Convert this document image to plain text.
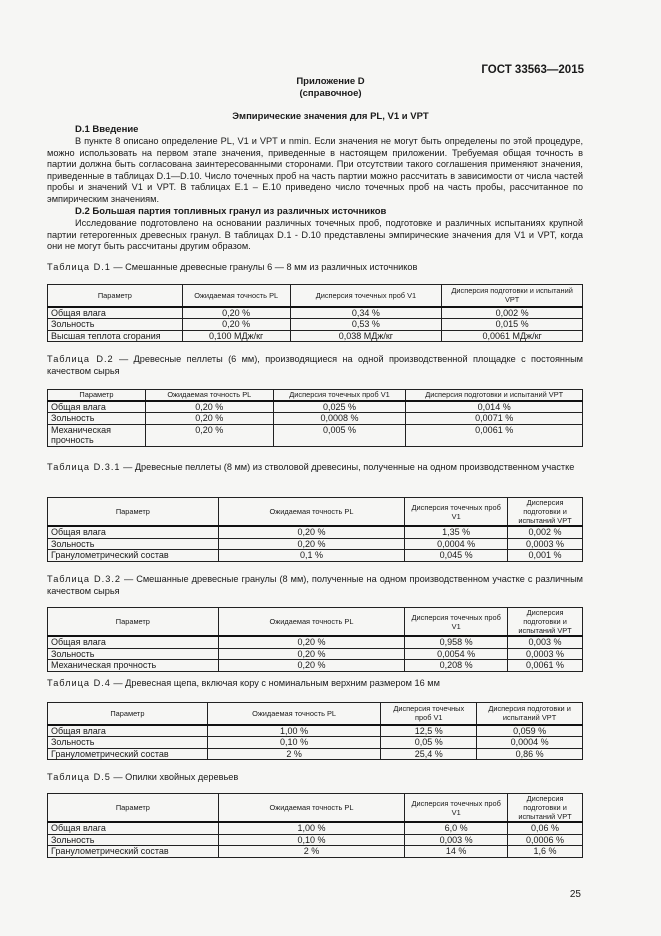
ГОСТ 33563—2015
Приложение D
(справочное)
Эмпирические значения для PL, V1 и VPT
D.1 Введение

В пункте 8 описано определение PL, V1 и VPT и nmin. Если значения не могут быть определены по этой процедуре, можно использовать на первом этапе значения, приведенные в настоящем приложении. Требуемая общая точность в партии должна быть согласована заинтересованными сторонами. При отсутствии такого соглашения применяют значения, приведенные в таблицах D.1—D.10. Число точечных проб на часть партии можно рассчитать в зависимости от числа частей пробы и значений V1 и VPT. В таблицах Е.1 – Е.10 приведено число точечных проб на часть пробы, рассчитанное по эмпирическим значениям.

D.2 Большая партия топливных гранул из различных источников

Исследование подготовлено на основании различных точечных проб, подготовке и различных испытаниях крупной партии гетерогенных древесных гранул. В таблицах D.1 - D.10 представлены эмпирические значения для V1 и VPT, когда они не могут быть рассчитаны другим образом.

Таблица D.1 — Смешанные древесные гранулы 6 — 8 мм из различных источников
Параметр	Ожидаемая точность PL	Дисперсия точечных проб V1	Дисперсия подготовки и испытаний VPT
Общая влага	0,20 %	0,34 %	0,002 %
Зольность	0,20 %	0,53 %	0,015 %
Высшая теплота сгорания	0,100 МДж/кг	0,038 МДж/кг	0,0061 МДж/кг
Таблица D.2 — Древесные пеллеты (6 мм), производящиеся на одной производственной площадке с постоянным качеством сырья
Параметр	Ожидаемая точность PL	Дисперсия точечных проб V1	Дисперсия подготовки и испытаний VPT
Общая влага	0,20 %	0,025 %	0,014 %
Зольность	0,20 %	0,0008 %	0,0071 %
Механическая прочность	0,20 %	0,005 %	0,0061 %
Таблица D.3.1 — Древесные пеллеты (8 мм) из стволовой древесины, полученные на одном производственном участке
Параметр	Ожидаемая точность PL	Дисперсия точечных проб V1	Дисперсия подготовки и испытаний VPT
Общая влага	0,20 %	1,35 %	0,002 %
Зольность	0,20 %	0,0004 %	0,0003 %
Гранулометрический состав	0,1 %	0,045 %	0,001 %
Таблица D.3.2 — Смешанные древесные гранулы (8 мм), полученные на одном производственном участке с различным качеством сырья
Параметр	Ожидаемая точность PL	Дисперсия точечных проб V1	Дисперсия подготовки и испытаний VPT
Общая влага	0,20 %	0,958 %	0,003 %
Зольность	0,20 %	0,0054 %	0,0003 %
Механическая прочность	0,20 %	0,208 %	0,0061 %
Таблица D.4 — Древесная щепа, включая кору с номинальным верхним размером 16 мм
Параметр	Ожидаемая точность PL	Дисперсия точечных проб V1	Дисперсия подготовки и испытаний VPT
Общая влага	1,00 %	12,5 %	0,059 %
Зольность	0,10 %	0,05 %	0,0004 %
Гранулометрический состав	2 %	25,4 %	0,86 %
Таблица D.5 — Опилки хвойных деревьев
Параметр	Ожидаемая точность PL	Дисперсия точечных проб V1	Дисперсия подготовки и испытаний VPT
Общая влага	1,00 %	6,0 %	0,06 %
Зольность	0,10 %	0,003 %	0,0006 %
Гранулометрический состав	2 %	14 %	1,6 %
25
